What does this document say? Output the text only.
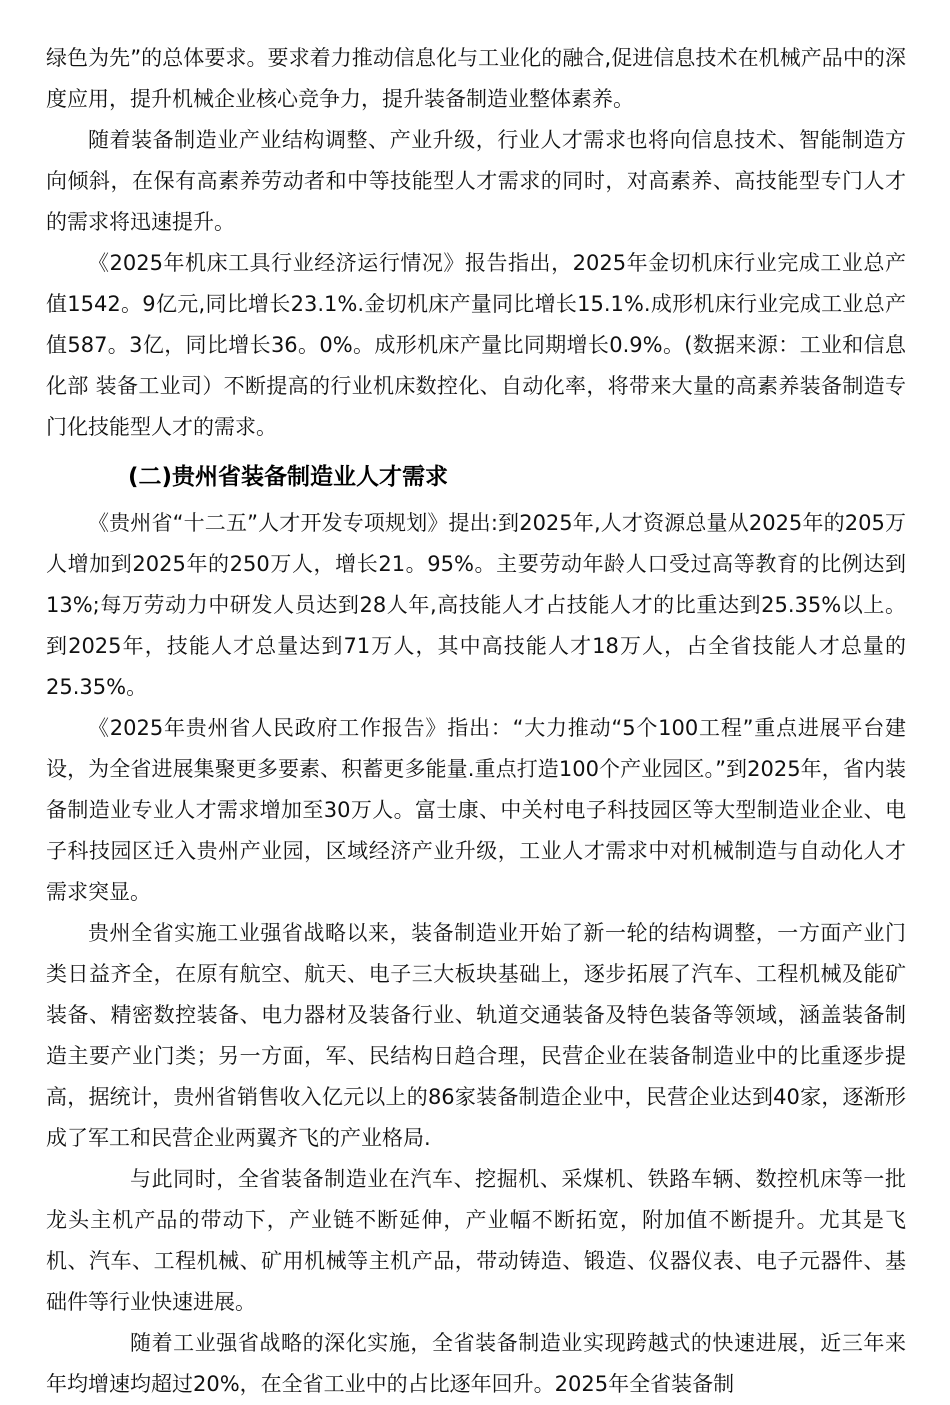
绿色为先”的总体要求。要求着力推动信息化与工业化的融合,促进信息技术在机械产品中的深度应用，提升机械企业核心竞争力，提升装备制造业整体素养。

随着装备制造业产业结构调整、产业升级，行业人才需求也将向信息技术、智能制造方向倾斜，在保有高素养劳动者和中等技能型人才需求的同时，对高素养、高技能型专门人才的需求将迅速提升。

《2025年机床工具行业经济运行情况》报告指出，2025年金切机床行业完成工业总产值1542。9亿元,同比增长23.1%.金切机床产量同比增长15.1%.成形机床行业完成工业总产值587。3亿，同比增长36。0%。成形机床产量比同期增长0.9%。(数据来源：工业和信息化部 装备工业司）不断提高的行业机床数控化、自动化率，将带来大量的高素养装备制造专门化技能型人才的需求。

(二)贵州省装备制造业人才需求

《贵州省“十二五”人才开发专项规划》提出:到2025年,人才资源总量从2025年的205万人增加到2025年的250万人，增长21。95%。主要劳动年龄人口受过高等教育的比例达到13%;每万劳动力中研发人员达到28人年,高技能人才占技能人才的比重达到25.35%以上。到2025年，技能人才总量达到71万人，其中高技能人才18万人，占全省技能人才总量的25.35%。

《2025年贵州省人民政府工作报告》指出：“大力推动“5个100工程”重点进展平台建设，为全省进展集聚更多要素、积蓄更多能量.重点打造100个产业园区。”到2025年，省内装备制造业专业人才需求增加至30万人。富士康、中关村电子科技园区等大型制造业企业、电子科技园区迁入贵州产业园，区域经济产业升级，工业人才需求中对机械制造与自动化人才需求突显。

贵州全省实施工业强省战略以来，装备制造业开始了新一轮的结构调整，一方面产业门类日益齐全，在原有航空、航天、电子三大板块基础上，逐步拓展了汽车、工程机械及能矿装备、精密数控装备、电力器材及装备行业、轨道交通装备及特色装备等领域，涵盖装备制造主要产业门类；另一方面，军、民结构日趋合理，民营企业在装备制造业中的比重逐步提高，据统计，贵州省销售收入亿元以上的86家装备制造企业中，民营企业达到40家，逐渐形成了军工和民营企业两翼齐飞的产业格局.

与此同时，全省装备制造业在汽车、挖掘机、采煤机、铁路车辆、数控机床等一批龙头主机产品的带动下，产业链不断延伸，产业幅不断拓宽，附加值不断提升。尤其是飞机、汽车、工程机械、矿用机械等主机产品，带动铸造、锻造、仪器仪表、电子元器件、基础件等行业快速进展。

随着工业强省战略的深化实施，全省装备制造业实现跨越式的快速进展，近三年来年均增速均超过20%，在全省工业中的占比逐年回升。2025年全省装备制
